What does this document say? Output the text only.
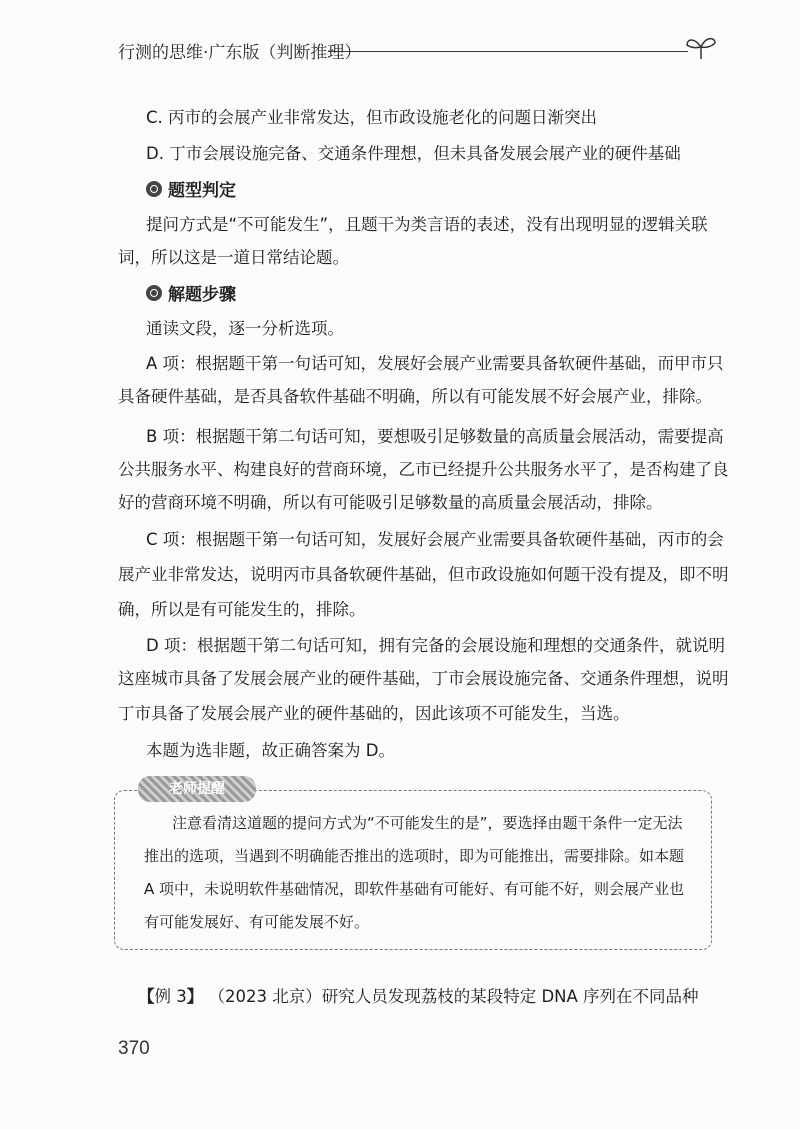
行测的思维·广东版（判断推理）

C. 丙市的会展产业非常发达，但市政设施老化的问题日渐突出

D. 丁市会展设施完备、交通条件理想，但未具备发展会展产业的硬件基础

题型判定

提问方式是“不可能发生”，且题干为类言语的表述，没有出现明显的逻辑关联

词，所以这是一道日常结论题。

解题步骤

通读文段，逐一分析选项。

A 项：根据题干第一句话可知，发展好会展产业需要具备软硬件基础，而甲市只

具备硬件基础，是否具备软件基础不明确，所以有可能发展不好会展产业，排除。

B 项：根据题干第二句话可知，要想吸引足够数量的高质量会展活动，需要提高

公共服务水平、构建良好的营商环境，乙市已经提升公共服务水平了，是否构建了良

好的营商环境不明确，所以有可能吸引足够数量的高质量会展活动，排除。

C 项：根据题干第一句话可知，发展好会展产业需要具备软硬件基础，丙市的会

展产业非常发达，说明丙市具备软硬件基础，但市政设施如何题干没有提及，即不明

确，所以是有可能发生的，排除。

D 项：根据题干第二句话可知，拥有完备的会展设施和理想的交通条件，就说明

这座城市具备了发展会展产业的硬件基础，丁市会展设施完备、交通条件理想，说明

丁市具备了发展会展产业的硬件基础的，因此该项不可能发生，当选。

本题为选非题，故正确答案为 D。

老师提醒

注意看清这道题的提问方式为“不可能发生的是”，要选择由题干条件一定无法

推出的选项，当遇到不明确能否推出的选项时，即为可能推出，需要排除。如本题

A 项中，未说明软件基础情况，即软件基础有可能好、有可能不好，则会展产业也

有可能发展好、有可能发展不好。

【例 3】 （2023 北京）研究人员发现荔枝的某段特定 DNA 序列在不同品种

370
